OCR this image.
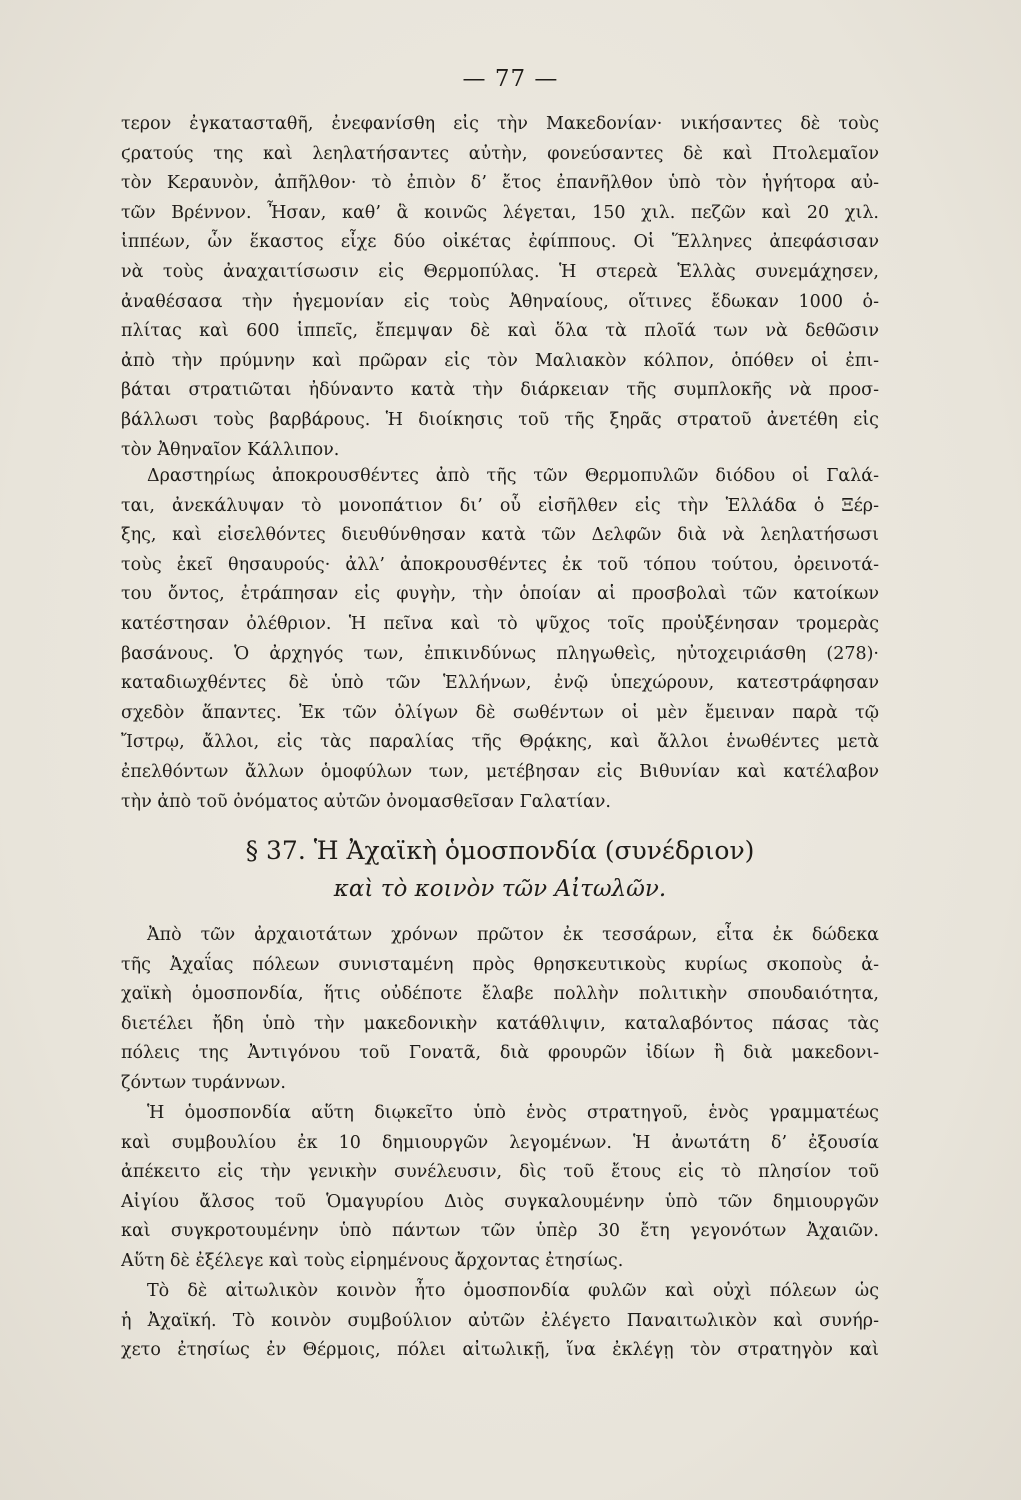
— 77 —
τερον ἐγκατασταθῆ, ἐνεφανίσθη εἰς τὴν Μακεδονίαν· νικήσαντες δὲ τοὺς
ϛρατούς της καὶ λεηλατήσαντες αὐτὴν, φονεύσαντες δὲ καὶ Πτολεμαῖον
τὸν Κεραυνὸν, ἀπῆλθον· τὸ ἐπιὸν δ’ ἔτος ἐπανῆλθον ὑπὸ τὸν ἡγήτορα αὐ-
τῶν Βρέννον. Ἦσαν, καθ’ ἃ κοινῶς λέγεται, 150 χιλ. πεζῶν καὶ 20 χιλ.
ἱππέων, ὧν ἕκαστος εἶχε δύο οἰκέτας ἐφίππους. Οἱ Ἕλληνες ἀπεφάσισαν
νὰ τοὺς ἀναχαιτίσωσιν εἰς Θερμοπύλας. Ἡ στερεὰ Ἑλλὰς συνεμάχησεν,
ἀναθέσασα τὴν ἡγεμονίαν εἰς τοὺς Ἀθηναίους, οἵτινες ἔδωκαν 1000 ὁ-
πλίτας καὶ 600 ἱππεῖς, ἔπεμψαν δὲ καὶ ὅλα τὰ πλοῖά των νὰ δεθῶσιν
ἀπὸ τὴν πρύμνην καὶ πρῶραν εἰς τὸν Μαλιακὸν κόλπον, ὁπόθεν οἱ ἐπι-
βάται στρατιῶται ἠδύναντο κατὰ τὴν διάρκειαν τῆς συμπλοκῆς νὰ προσ-
βάλλωσι τοὺς βαρβάρους. Ἡ διοίκησις τοῦ τῆς ξηρᾶς στρατοῦ ἀνετέθη εἰς
τὸν Ἀθηναῖον Κάλλιπον.
Δραστηρίως ἀποκρουσθέντες ἀπὸ τῆς τῶν Θερμοπυλῶν διόδου οἱ Γαλά-
ται, ἀνεκάλυψαν τὸ μονοπάτιον δι’ οὗ εἰσῆλθεν εἰς τὴν Ἑλλάδα ὁ Ξέρ-
ξης, καὶ εἰσελθόντες διευθύνθησαν κατὰ τῶν Δελφῶν διὰ νὰ λεηλατήσωσι
τοὺς ἐκεῖ θησαυρούς· ἀλλ’ ἀποκρουσθέντες ἐκ τοῦ τόπου τούτου, ὀρεινοτά-
του ὄντος, ἐτράπησαν εἰς φυγὴν, τὴν ὁποίαν αἱ προσβολαὶ τῶν κατοίκων
κατέστησαν ὀλέθριον. Ἡ πεῖνα καὶ τὸ ψῦχος τοῖς προὐξένησαν τρομερὰς
βασάνους. Ὁ ἀρχηγός των, ἐπικινδύνως πληγωθεὶς, ηὐτοχειριάσθη (278)·
καταδιωχθέντες δὲ ὑπὸ τῶν Ἑλλήνων, ἐνῷ ὑπεχώρουν, κατεστράφησαν
σχεδὸν ἅπαντες. Ἐκ τῶν ὀλίγων δὲ σωθέντων οἱ μὲν ἔμειναν παρὰ τῷ
Ἴστρῳ, ἄλλοι, εἰς τὰς παραλίας τῆς Θρᾴκης, καὶ ἄλλοι ἑνωθέντες μετὰ
ἐπελθόντων ἄλλων ὁμοφύλων των, μετέβησαν εἰς Βιθυνίαν καὶ κατέλαβον
τὴν ἀπὸ τοῦ ὀνόματος αὐτῶν ὀνομασθεῖσαν Γαλατίαν.
§ 37. Ἡ Ἀχαϊκὴ ὁμοσπονδία (συνέδριον)
καὶ τὸ κοινὸν τῶν Αἰτωλῶν.
Ἀπὸ τῶν ἀρχαιοτάτων χρόνων πρῶτον ἐκ τεσσάρων, εἶτα ἐκ δώδεκα
τῆς Ἀχαΐας πόλεων συνισταμένη πρὸς θρησκευτικοὺς κυρίως σκοποὺς ἀ-
χαϊκὴ ὁμοσπονδία, ἥτις οὐδέποτε ἔλαβε πολλὴν πολιτικὴν σπουδαιότητα,
διετέλει ἤδη ὑπὸ τὴν μακεδονικὴν κατάθλιψιν, καταλαβόντος πάσας τὰς
πόλεις της Ἀντιγόνου τοῦ Γονατᾶ, διὰ φρουρῶν ἰδίων ἢ διὰ μακεδονι-
ζόντων τυράννων.
Ἡ ὁμοσπονδία αὕτη διῳκεῖτο ὑπὸ ἑνὸς στρατηγοῦ, ἑνὸς γραμματέως
καὶ συμβουλίου ἐκ 10 δημιουργῶν λεγομένων. Ἡ ἀνωτάτη δ’ ἐξουσία
ἀπέκειτο εἰς τὴν γενικὴν συνέλευσιν, δὶς τοῦ ἔτους εἰς τὸ πλησίον τοῦ
Αἰγίου ἄλσος τοῦ Ὁμαγυρίου Διὸς συγκαλουμένην ὑπὸ τῶν δημιουργῶν
καὶ συγκροτουμένην ὑπὸ πάντων τῶν ὑπὲρ 30 ἔτη γεγονότων Ἀχαιῶν.
Αὕτη δὲ ἐξέλεγε καὶ τοὺς εἰρημένους ἄρχοντας ἐτησίως.
Τὸ δὲ αἰτωλικὸν κοινὸν ἦτο ὁμοσπονδία φυλῶν καὶ οὐχὶ πόλεων ὡς
ἡ Ἀχαϊκή. Τὸ κοινὸν συμβούλιον αὐτῶν ἐλέγετο Παναιτωλικὸν καὶ συνήρ-
χετο ἐτησίως ἐν Θέρμοις, πόλει αἰτωλικῇ, ἵνα ἐκλέγῃ τὸν στρατηγὸν καὶ
